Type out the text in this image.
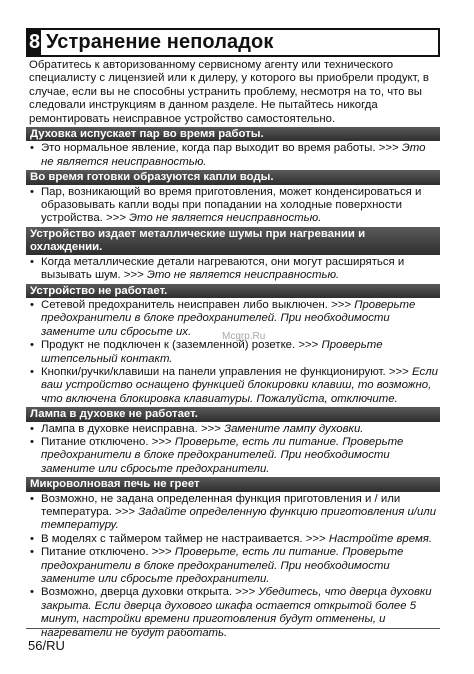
8 Устранение неполадок
Обратитесь к авторизованному сервисному агенту или технического специалисту с лицензией или к дилеру, у которого вы приобрели продукт, в случае, если вы не способны устранить проблему, несмотря на то, что вы следовали инструкциям в данном разделе. Не пытайтесь никогда ремонтировать неисправное устройство самостоятельно.
Духовка испускает пар во время работы.
• Это нормальное явление, когда пар выходит во время работы. >>> Это не является неисправностью.
Во время готовки образуются капли воды.
• Пар, возникающий во время приготовления, может конденсироваться и образовывать капли воды при попадании на холодные поверхности устройства. >>> Это не является неисправностью.
Устройство издает металлические шумы при нагревании и охлаждении.
• Когда металлические детали нагреваются, они могут расширяться и вызывать шум. >>> Это не является неисправностью.
Устройство не работает.
• Сетевой предохранитель неисправен либо выключен. >>> Проверьте предохранители в блоке предохранителей. При необходимости замените или сбросьте их.
• Продукт не подключен к (заземленной) розетке. >>> Проверьте штепсельный контакт.
• Кнопки/ручки/клавиши на панели управления не функционируют. >>> Если ваш устройство оснащено функцией блокировки клавиш, то возможно, что включена блокировка клавиатуры. Пожалуйста, отключите.
Лампа в духовке не работает.
• Лампа в духовке неисправна. >>> Замените лампу духовки.
• Питание отключено. >>> Проверьте, есть ли питание. Проверьте предохранители в блоке предохранителей. При необходимости замените или сбросьте предохранители.
Микроволновая печь не греет
• Возможно, не задана определенная функция приготовления и / или температура. >>> Задайте определенную функцию приготовления и/или температуру.
• В моделях с таймером таймер не настраивается. >>> Настройте время.
• Питание отключено. >>> Проверьте, есть ли питание. Проверьте предохранители в блоке предохранителей. При необходимости замените или сбросьте предохранители.
• Возможно, дверца духовки открыта. >>> Убедитесь, что дверца духовки закрыта. Если дверца духового шкафа остается открытой более 5 минут, настройки времени приготовления будут отменены, и нагреватели не будут работать.
Mcgrp.Ru
56/RU
